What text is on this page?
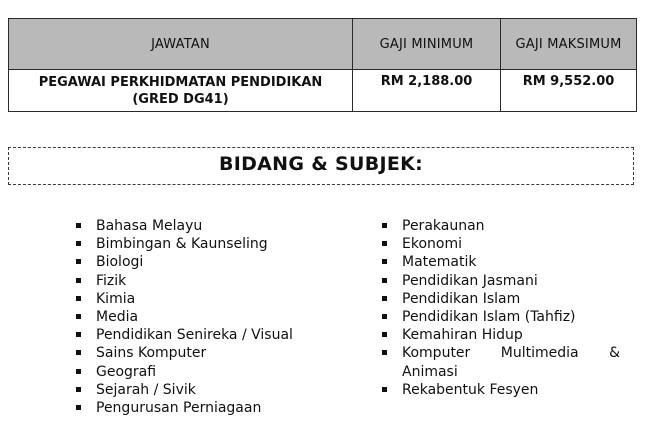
JAWATAN	GAJI MINIMUM	GAJI MAKSIMUM

PEGAWAI PERKHIDMATAN PENDIDIKAN
(GRED DG41)	RM 2,188.00	RM 9,552.00
BIDANG & SUBJEK:
Bahasa Melayu
Bimbingan & Kaunseling
Biologi
Fizik
Kimia
Media
Pendidikan Senireka / Visual
Sains Komputer
Geografi
Sejarah / Sivik
Pengurusan Perniagaan
Perakaunan
Ekonomi
Matematik
Pendidikan Jasmani
Pendidikan Islam
Pendidikan Islam (Tahfiz)
Kemahiran Hidup
Komputer Multimedia &
Animasi
Rekabentuk Fesyen
